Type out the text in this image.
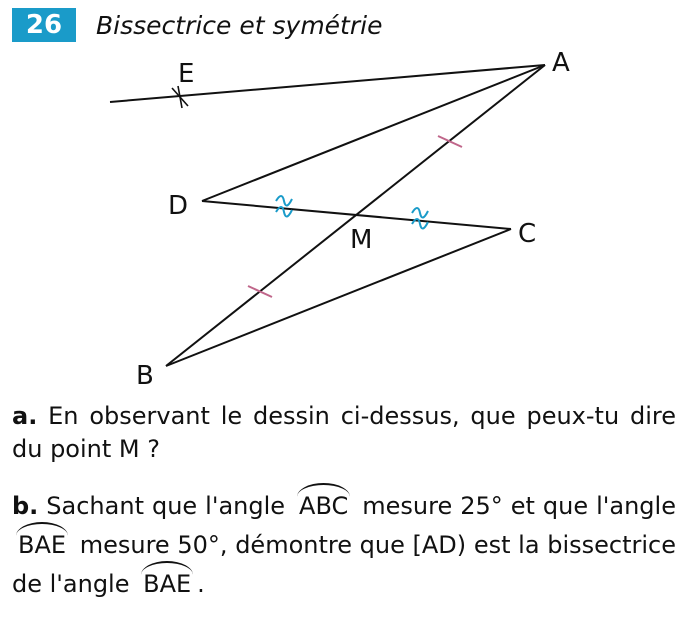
26	Bissectrice et symétrie
A
B
C
D
E
M
a. En observant le dessin ci-dessus, que peux-tu dire du point M ?
b. Sachant que l'angle ABC mesure 25° et que l'angle BAE mesure 50°, démontre que [AD) est la bissectrice de l'angle BAE .
